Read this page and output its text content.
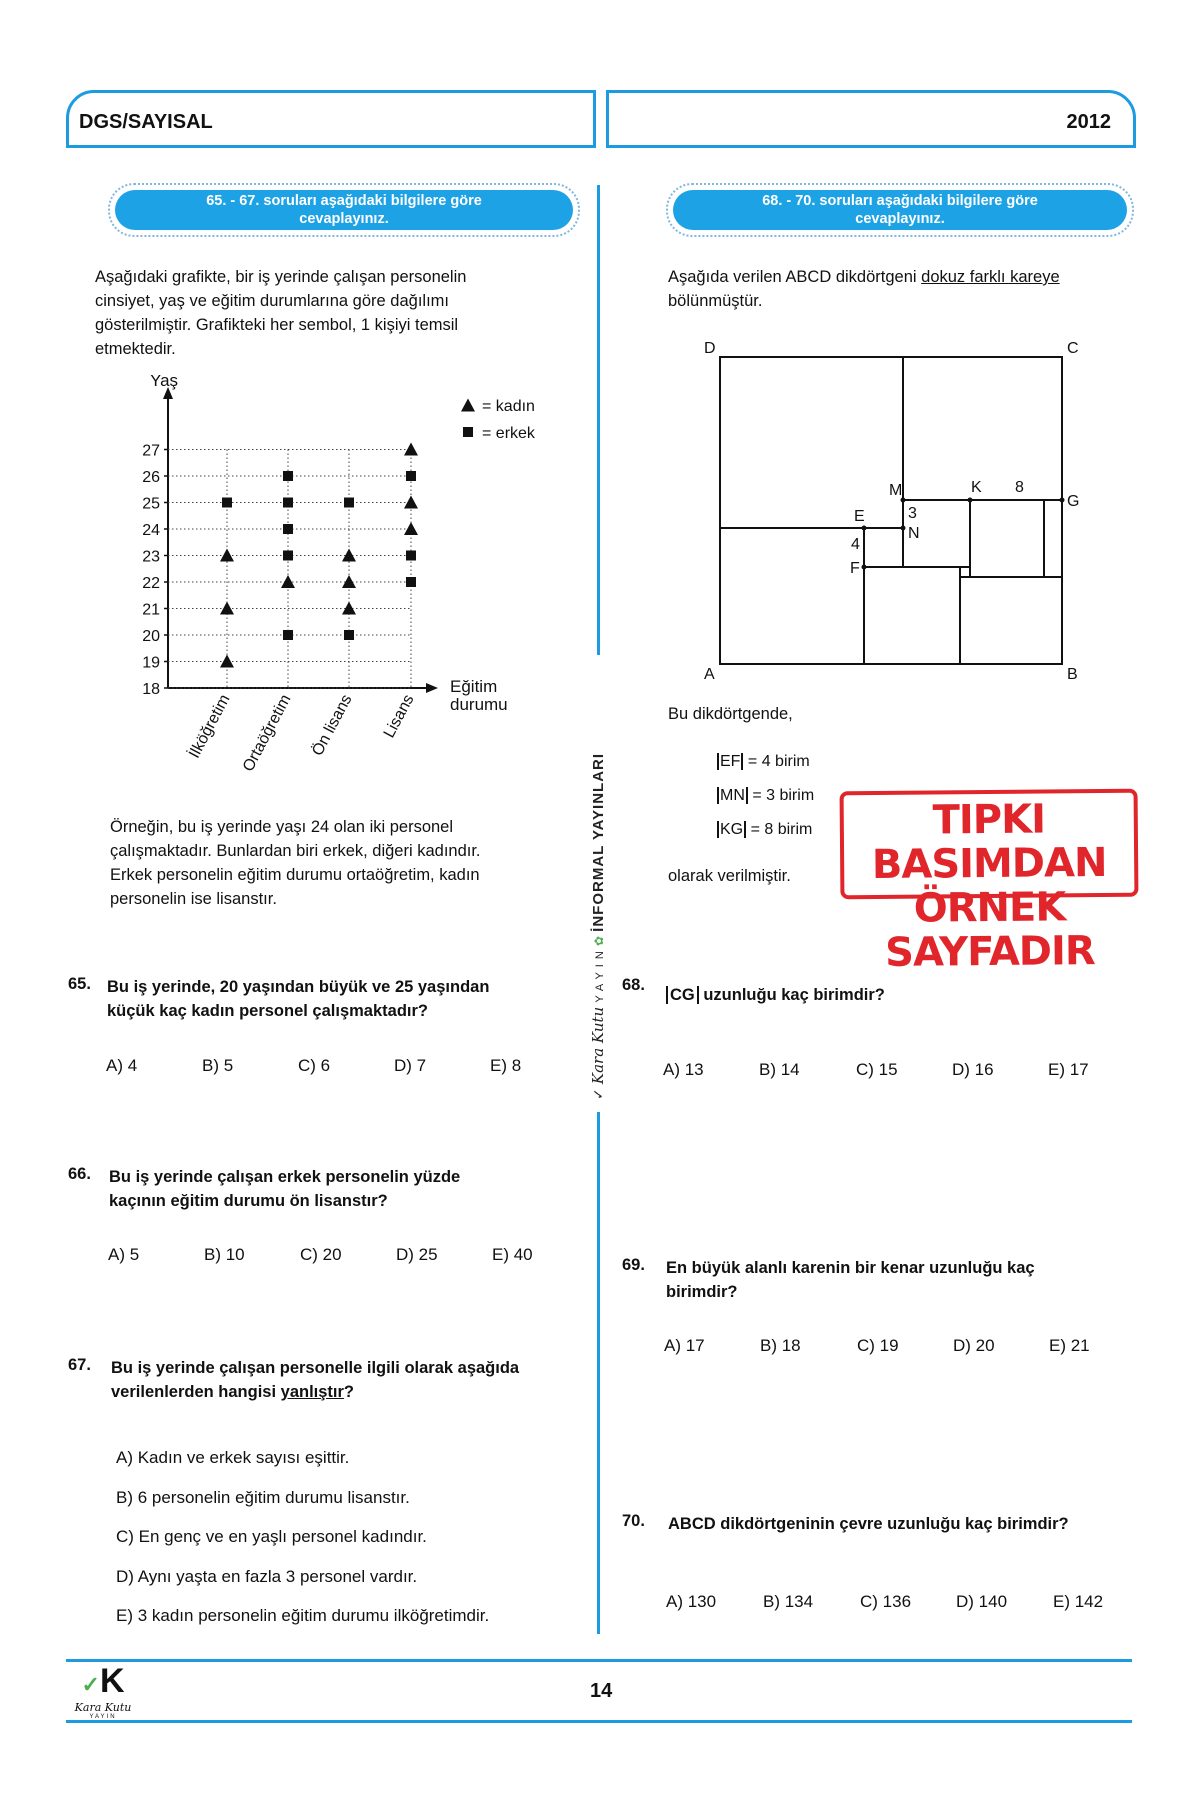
DGS/SAYISAL	2012
✓ Kara Kutu Y A Y I N ✿ İNFORMAL YAYINLARI
65. - 67. soruları aşağıdaki bilgilere göre
cevaplayınız.
Aşağıdaki grafikte, bir iş yerinde çalışan personelin
cinsiyet, yaş ve eğitim durumlarına göre dağılımı
gösterilmiştir. Grafikteki her sembol, 1 kişiyi temsil
etmektedir.
18
19
20
21
22
23
24
25
26
27
Yaş
Eğitim
durumu
İlköğretim Ortaöğretim Ön lisans Lisans
= kadın
= erkek
Örneğin, bu iş yerinde yaşı 24 olan iki personel
çalışmaktadır. Bunlardan biri erkek, diğeri kadındır.
Erkek personelin eğitim durumu ortaöğretim, kadın
personelin ise lisanstır.
65. Bu iş yerinde, 20 yaşından büyük ve 25 yaşından
küçük kaç kadın personel çalışmaktadır?
A) 4	B) 5	C) 6	D) 7	E) 8
66. Bu iş yerinde çalışan erkek personelin yüzde
kaçının eğitim durumu ön lisanstır?
A) 5	B) 10	C) 20	D) 25	E) 40
67. Bu iş yerinde çalışan personelle ilgili olarak aşağıda
verilenlerden hangisi yanlıştır?
A) Kadın ve erkek sayısı eşittir.
B) 6 personelin eğitim durumu lisanstır.
C) En genç ve en yaşlı personel kadındır.
D) Aynı yaşta en fazla 3 personel vardır.
E) 3 kadın personelin eğitim durumu ilköğretimdir.
68. - 70. soruları aşağıdaki bilgilere göre
cevaplayınız.
Aşağıda verilen ABCD dikdörtgeni dokuz farklı kareye
bölünmüştür.
D	C
A	B
M	K 8
G
E	3
N
4
F
Bu dikdörtgende,
EF = 4 birim
MN = 3 birim
KG = 8 birim
olarak verilmiştir.
TIPKI BASIMDAN
ÖRNEK SAYFADIR
68.
CG uzunluğu kaç birimdir?
A) 13	B) 14	C) 15	D) 16	E) 17
69. En büyük alanlı karenin bir kenar uzunluğu kaç
birimdir?
A) 17	B) 18	C) 19	D) 20	E) 21
70. ABCD dikdörtgeninin çevre uzunluğu kaç birimdir?
A) 130	B) 134	C) 136	D) 140	E) 142
14
✓K
Kara Kutu
YAYIN
